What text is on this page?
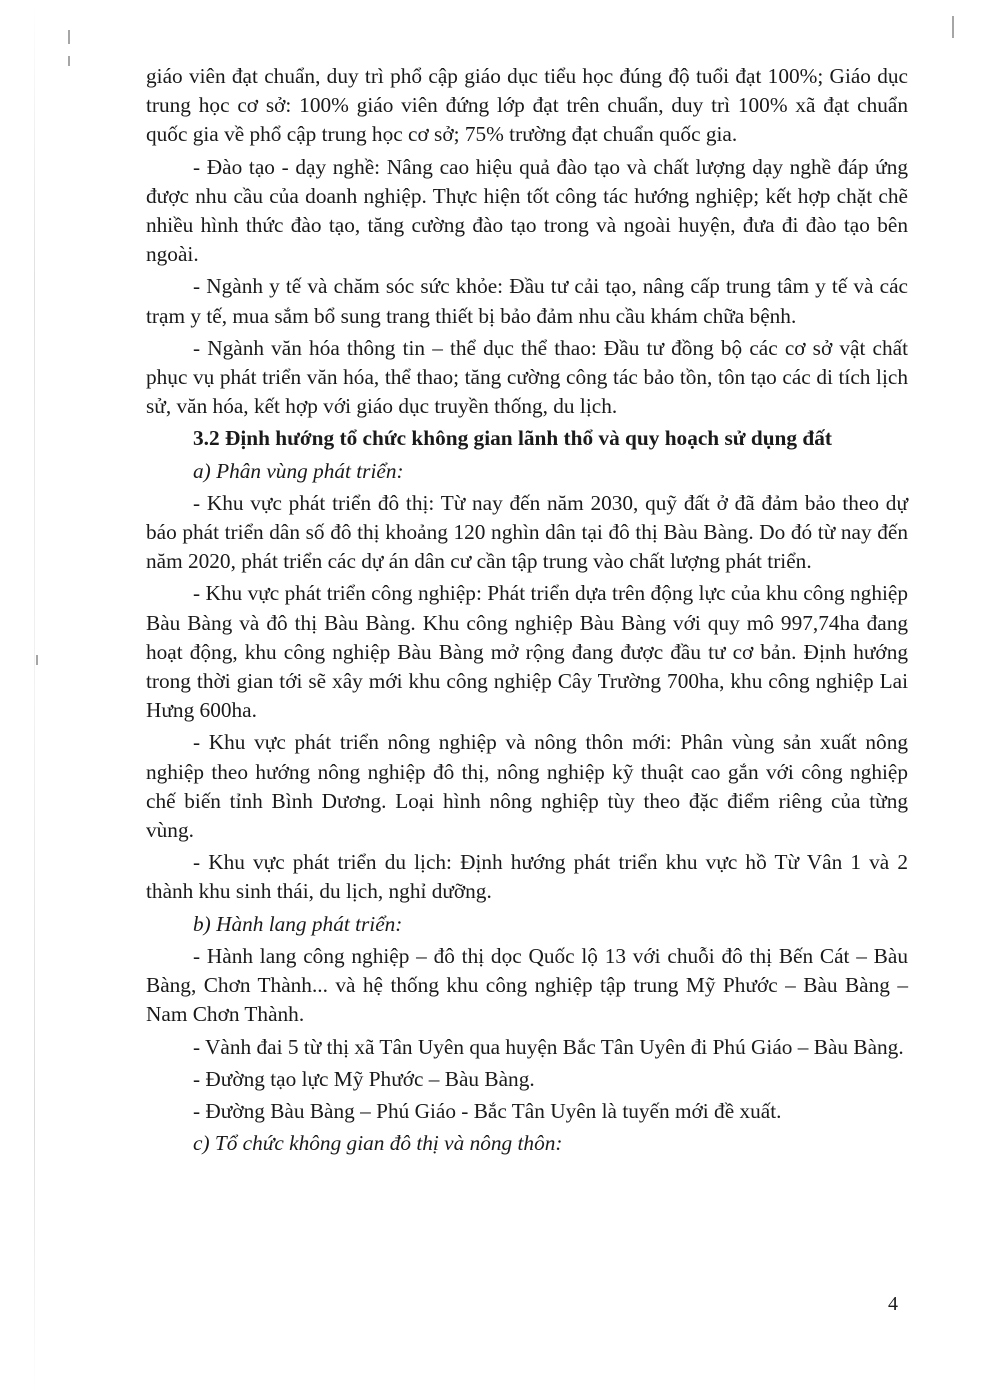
giáo viên đạt chuẩn, duy trì phổ cập giáo dục tiểu học đúng độ tuổi đạt 100%; Giáo dục trung học cơ sở: 100% giáo viên đứng lớp đạt trên chuẩn, duy trì 100% xã đạt chuẩn quốc gia về phổ cập trung học cơ sở; 75% trường đạt chuẩn quốc gia.

- Đào tạo - dạy nghề: Nâng cao hiệu quả đào tạo và chất lượng dạy nghề đáp ứng được nhu cầu của doanh nghiệp. Thực hiện tốt công tác hướng nghiệp; kết hợp chặt chẽ nhiều hình thức đào tạo, tăng cường đào tạo trong và ngoài huyện, đưa đi đào tạo bên ngoài.

- Ngành y tế và chăm sóc sức khỏe: Đầu tư cải tạo, nâng cấp trung tâm y tế và các trạm y tế, mua sắm bổ sung trang thiết bị bảo đảm nhu cầu khám chữa bệnh.

- Ngành văn hóa thông tin – thể dục thể thao: Đầu tư đồng bộ các cơ sở vật chất phục vụ phát triển văn hóa, thể thao; tăng cường công tác bảo tồn, tôn tạo các di tích lịch sử, văn hóa, kết hợp với giáo dục truyền thống, du lịch.

3.2 Định hướng tổ chức không gian lãnh thổ và quy hoạch sử dụng đất

a) Phân vùng phát triển:

- Khu vực phát triển đô thị: Từ nay đến năm 2030, quỹ đất ở đã đảm bảo theo dự báo phát triển dân số đô thị khoảng 120 nghìn dân tại đô thị Bàu Bàng. Do đó từ nay đến năm 2020, phát triển các dự án dân cư cần tập trung vào chất lượng phát triển.

- Khu vực phát triển công nghiệp: Phát triển dựa trên động lực của khu công nghiệp Bàu Bàng và đô thị Bàu Bàng. Khu công nghiệp Bàu Bàng với quy mô 997,74ha đang hoạt động, khu công nghiệp Bàu Bàng mở rộng đang được đầu tư cơ bản. Định hướng trong thời gian tới sẽ xây mới khu công nghiệp Cây Trường 700ha, khu công nghiệp Lai Hưng 600ha.

- Khu vực phát triển nông nghiệp và nông thôn mới: Phân vùng sản xuất nông nghiệp theo hướng nông nghiệp đô thị, nông nghiệp kỹ thuật cao gắn với công nghiệp chế biến tỉnh Bình Dương. Loại hình nông nghiệp tùy theo đặc điểm riêng của từng vùng.

- Khu vực phát triển du lịch: Định hướng phát triển khu vực hồ Từ Vân 1 và 2 thành khu sinh thái, du lịch, nghỉ dưỡng.

b) Hành lang phát triển:

- Hành lang công nghiệp – đô thị dọc Quốc lộ 13 với chuỗi đô thị Bến Cát – Bàu Bàng, Chơn Thành... và hệ thống khu công nghiệp tập trung Mỹ Phước – Bàu Bàng – Nam Chơn Thành.

- Vành đai 5 từ thị xã Tân Uyên qua huyện Bắc Tân Uyên đi Phú Giáo – Bàu Bàng.

- Đường tạo lực Mỹ Phước – Bàu Bàng.

- Đường Bàu Bàng – Phú Giáo - Bắc Tân Uyên là tuyến mới đề xuất.

c) Tổ chức không gian đô thị và nông thôn:

4
